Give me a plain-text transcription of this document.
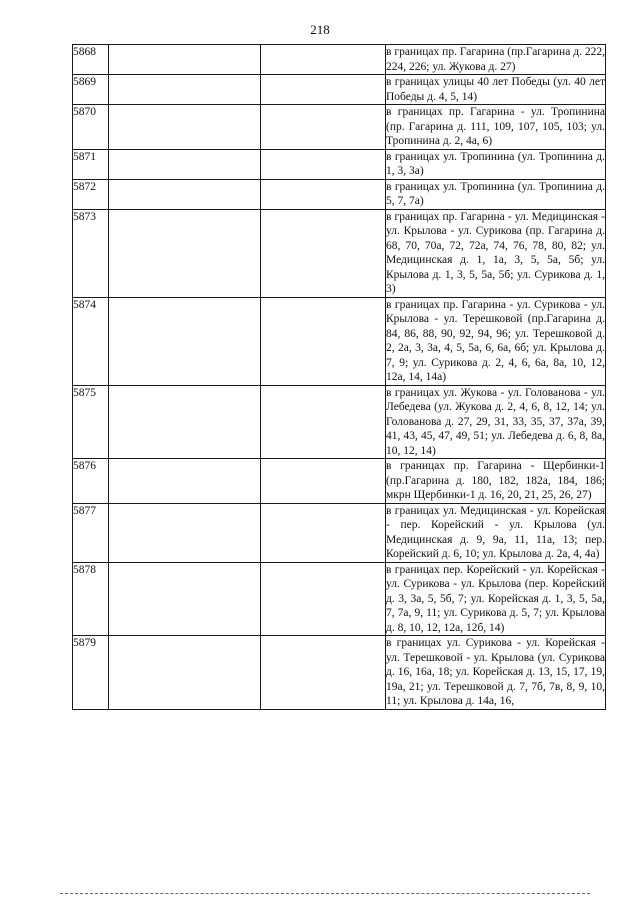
218
5868			в границах пр. Гагарина (пр.Гагарина д. 222, 224, 226; ул. Жукова д. 27)
5869			в границах улицы 40 лет Победы (ул. 40 лет Победы д. 4, 5, 14)
5870			в границах пр. Гагарина - ул. Тропинина (пр. Гагарина д. 111, 109, 107, 105, 103; ул. Тропинина д. 2, 4а, 6)
5871			в границах ул. Тропинина (ул. Тропинина д. 1, 3, 3а)
5872			в границах ул. Тропинина (ул. Тропинина д. 5, 7, 7а)
5873			в границах пр. Гагарина - ул. Медицинская - ул. Крылова - ул. Сурикова (пр. Гагарина д. 68, 70, 70а, 72, 72а, 74, 76, 78, 80, 82; ул. Медицинская д. 1, 1а, 3, 5, 5а, 5б; ул. Крылова д. 1, 3, 5, 5а, 5б; ул. Сурикова д. 1, 3)
5874			в границах пр. Гагарина - ул. Сурикова - ул. Крылова - ул. Терешковой (пр.Гагарина д. 84, 86, 88, 90, 92, 94, 96; ул. Терешковой д. 2, 2а, 3, 3а, 4, 5, 5а, 6, 6а, 6б; ул. Крылова д. 7, 9; ул. Сурикова д. 2, 4, 6, 6а, 8а, 10, 12, 12а, 14, 14а)
5875			в границах ул. Жукова - ул. Голованова - ул. Лебедева (ул. Жукова д. 2, 4, 6, 8, 12, 14; ул. Голованова д. 27, 29, 31, 33, 35, 37, 37а, 39, 41, 43, 45, 47, 49, 51; ул. Лебедева д. 6, 8, 8а, 10, 12, 14)
5876			в границах пр. Гагарина - Щербинки-1 (пр.Гагарина д. 180, 182, 182а, 184, 186; мкрн Щербинки-1 д. 16, 20, 21, 25, 26, 27)
5877			в границах ул. Медицинская - ул. Корейская - пер. Корейский - ул. Крылова (ул. Медицинская д. 9, 9а, 11, 11а, 13; пер. Корейский д. 6, 10; ул. Крылова д. 2а, 4, 4а)
5878			в границах пер. Корейский - ул. Корейская - ул. Сурикова - ул. Крылова (пер. Корейский д. 3, 3а, 5, 5б, 7; ул. Корейская д. 1, 3, 5, 5а, 7, 7а, 9, 11; ул. Сурикова д. 5, 7; ул. Крылова д. 8, 10, 12, 12а, 12б, 14)
5879			в границах ул. Сурикова - ул. Корейская - ул. Терешковой - ул. Крылова (ул. Сурикова д. 16, 16а, 18; ул. Корейская д. 13, 15, 17, 19, 19а, 21; ул. Терешковой д. 7, 7б, 7в, 8, 9, 10, 11; ул. Крылова д. 14а, 16,
